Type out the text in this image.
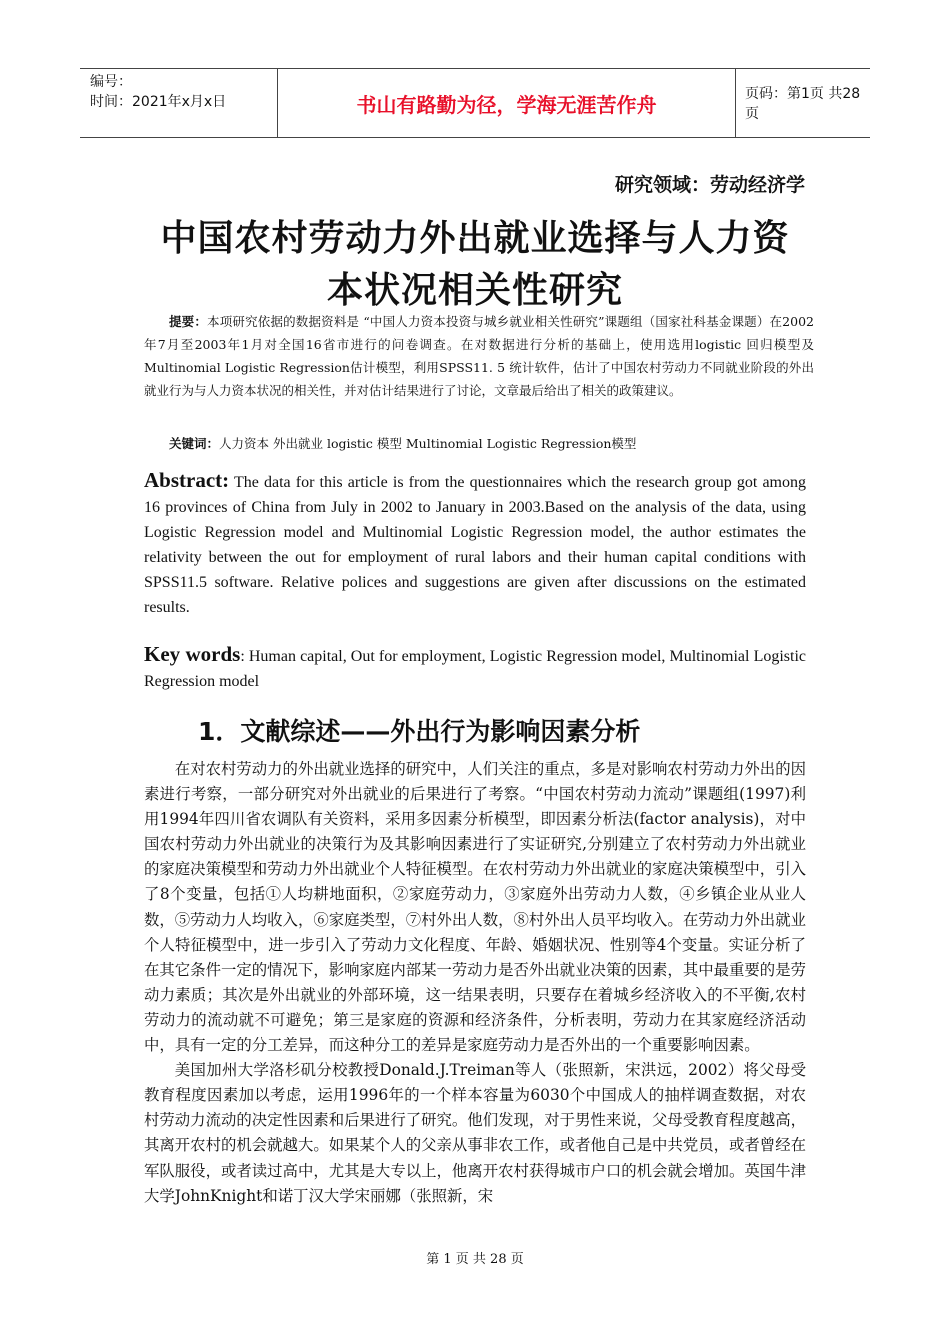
编号：
时间：2021年x月x日	书山有路勤为径，学海无涯苦作舟	页码：第1页 共28页
研究领域：劳动经济学
中国农村劳动力外出就业选择与人力资
本状况相关性研究

提要：本项研究依据的数据资料是 “中国人力资本投资与城乡就业相关性研究”课题组（国家社科基金课题）在2002年7月至2003年1月对全国16省市进行的问卷调查。在对数据进行分析的基础上，使用选用logistic 回归模型及Multinomial Logistic Regression估计模型，利用SPSS11. 5 统计软件，估计了中国农村劳动力不同就业阶段的外出就业行为与人力资本状况的相关性，并对估计结果进行了讨论，文章最后给出了相关的政策建议。

关键词：人力资本 外出就业 logistic 模型 Multinomial Logistic Regression模型
Abstract: The data for this article is from the questionnaires which the research group got among 16 provinces of China from July in 2002 to January in 2003.Based on the analysis of the data, using Logistic Regression model and Multinomial Logistic Regression model, the author estimates the relativity between the out for employment of rural labors and their human capital conditions with SPSS11.5 software. Relative polices and suggestions are given after discussions on the estimated results.
Key words: Human capital, Out for employment, Logistic Regression model, Multinomial Logistic Regression model
1．文献综述——外出行为影响因素分析

在对农村劳动力的外出就业选择的研究中，人们关注的重点，多是对影响农村劳动力外出的因素进行考察，一部分研究对外出就业的后果进行了考察。“中国农村劳动力流动”课题组(1997)利用1994年四川省农调队有关资料，采用多因素分析模型，即因素分析法(factor analysis)，对中国农村劳动力外出就业的决策行为及其影响因素进行了实证研究,分别建立了农村劳动力外出就业的家庭决策模型和劳动力外出就业个人特征模型。在农村劳动力外出就业的家庭决策模型中，引入了8个变量，包括①人均耕地面积，②家庭劳动力，③家庭外出劳动力人数，④乡镇企业从业人数，⑤劳动力人均收入，⑥家庭类型，⑦村外出人数，⑧村外出人员平均收入。在劳动力外出就业个人特征模型中，进一步引入了劳动力文化程度、年龄、婚姻状况、性别等4个变量。实证分析了在其它条件一定的情况下，影响家庭内部某一劳动力是否外出就业决策的因素，其中最重要的是劳动力素质；其次是外出就业的外部环境，这一结果表明，只要存在着城乡经济收入的不平衡,农村劳动力的流动就不可避免；第三是家庭的资源和经济条件，分析表明，劳动力在其家庭经济活动中，具有一定的分工差异，而这种分工的差异是家庭劳动力是否外出的一个重要影响因素。

美国加州大学洛杉矶分校教授Donald.J.Treiman等人（张照新，宋洪远，2002）将父母受教育程度因素加以考虑，运用1996年的一个样本容量为6030个中国成人的抽样调查数据，对农村劳动力流动的决定性因素和后果进行了研究。他们发现，对于男性来说，父母受教育程度越高，其离开农村的机会就越大。如果某个人的父亲从事非农工作，或者他自己是中共党员，或者曾经在军队服役，或者读过高中，尤其是大专以上，他离开农村获得城市户口的机会就会增加。英国牛津大学JohnKnight和诺丁汉大学宋丽娜（张照新，宋

第 1 页 共 28 页
